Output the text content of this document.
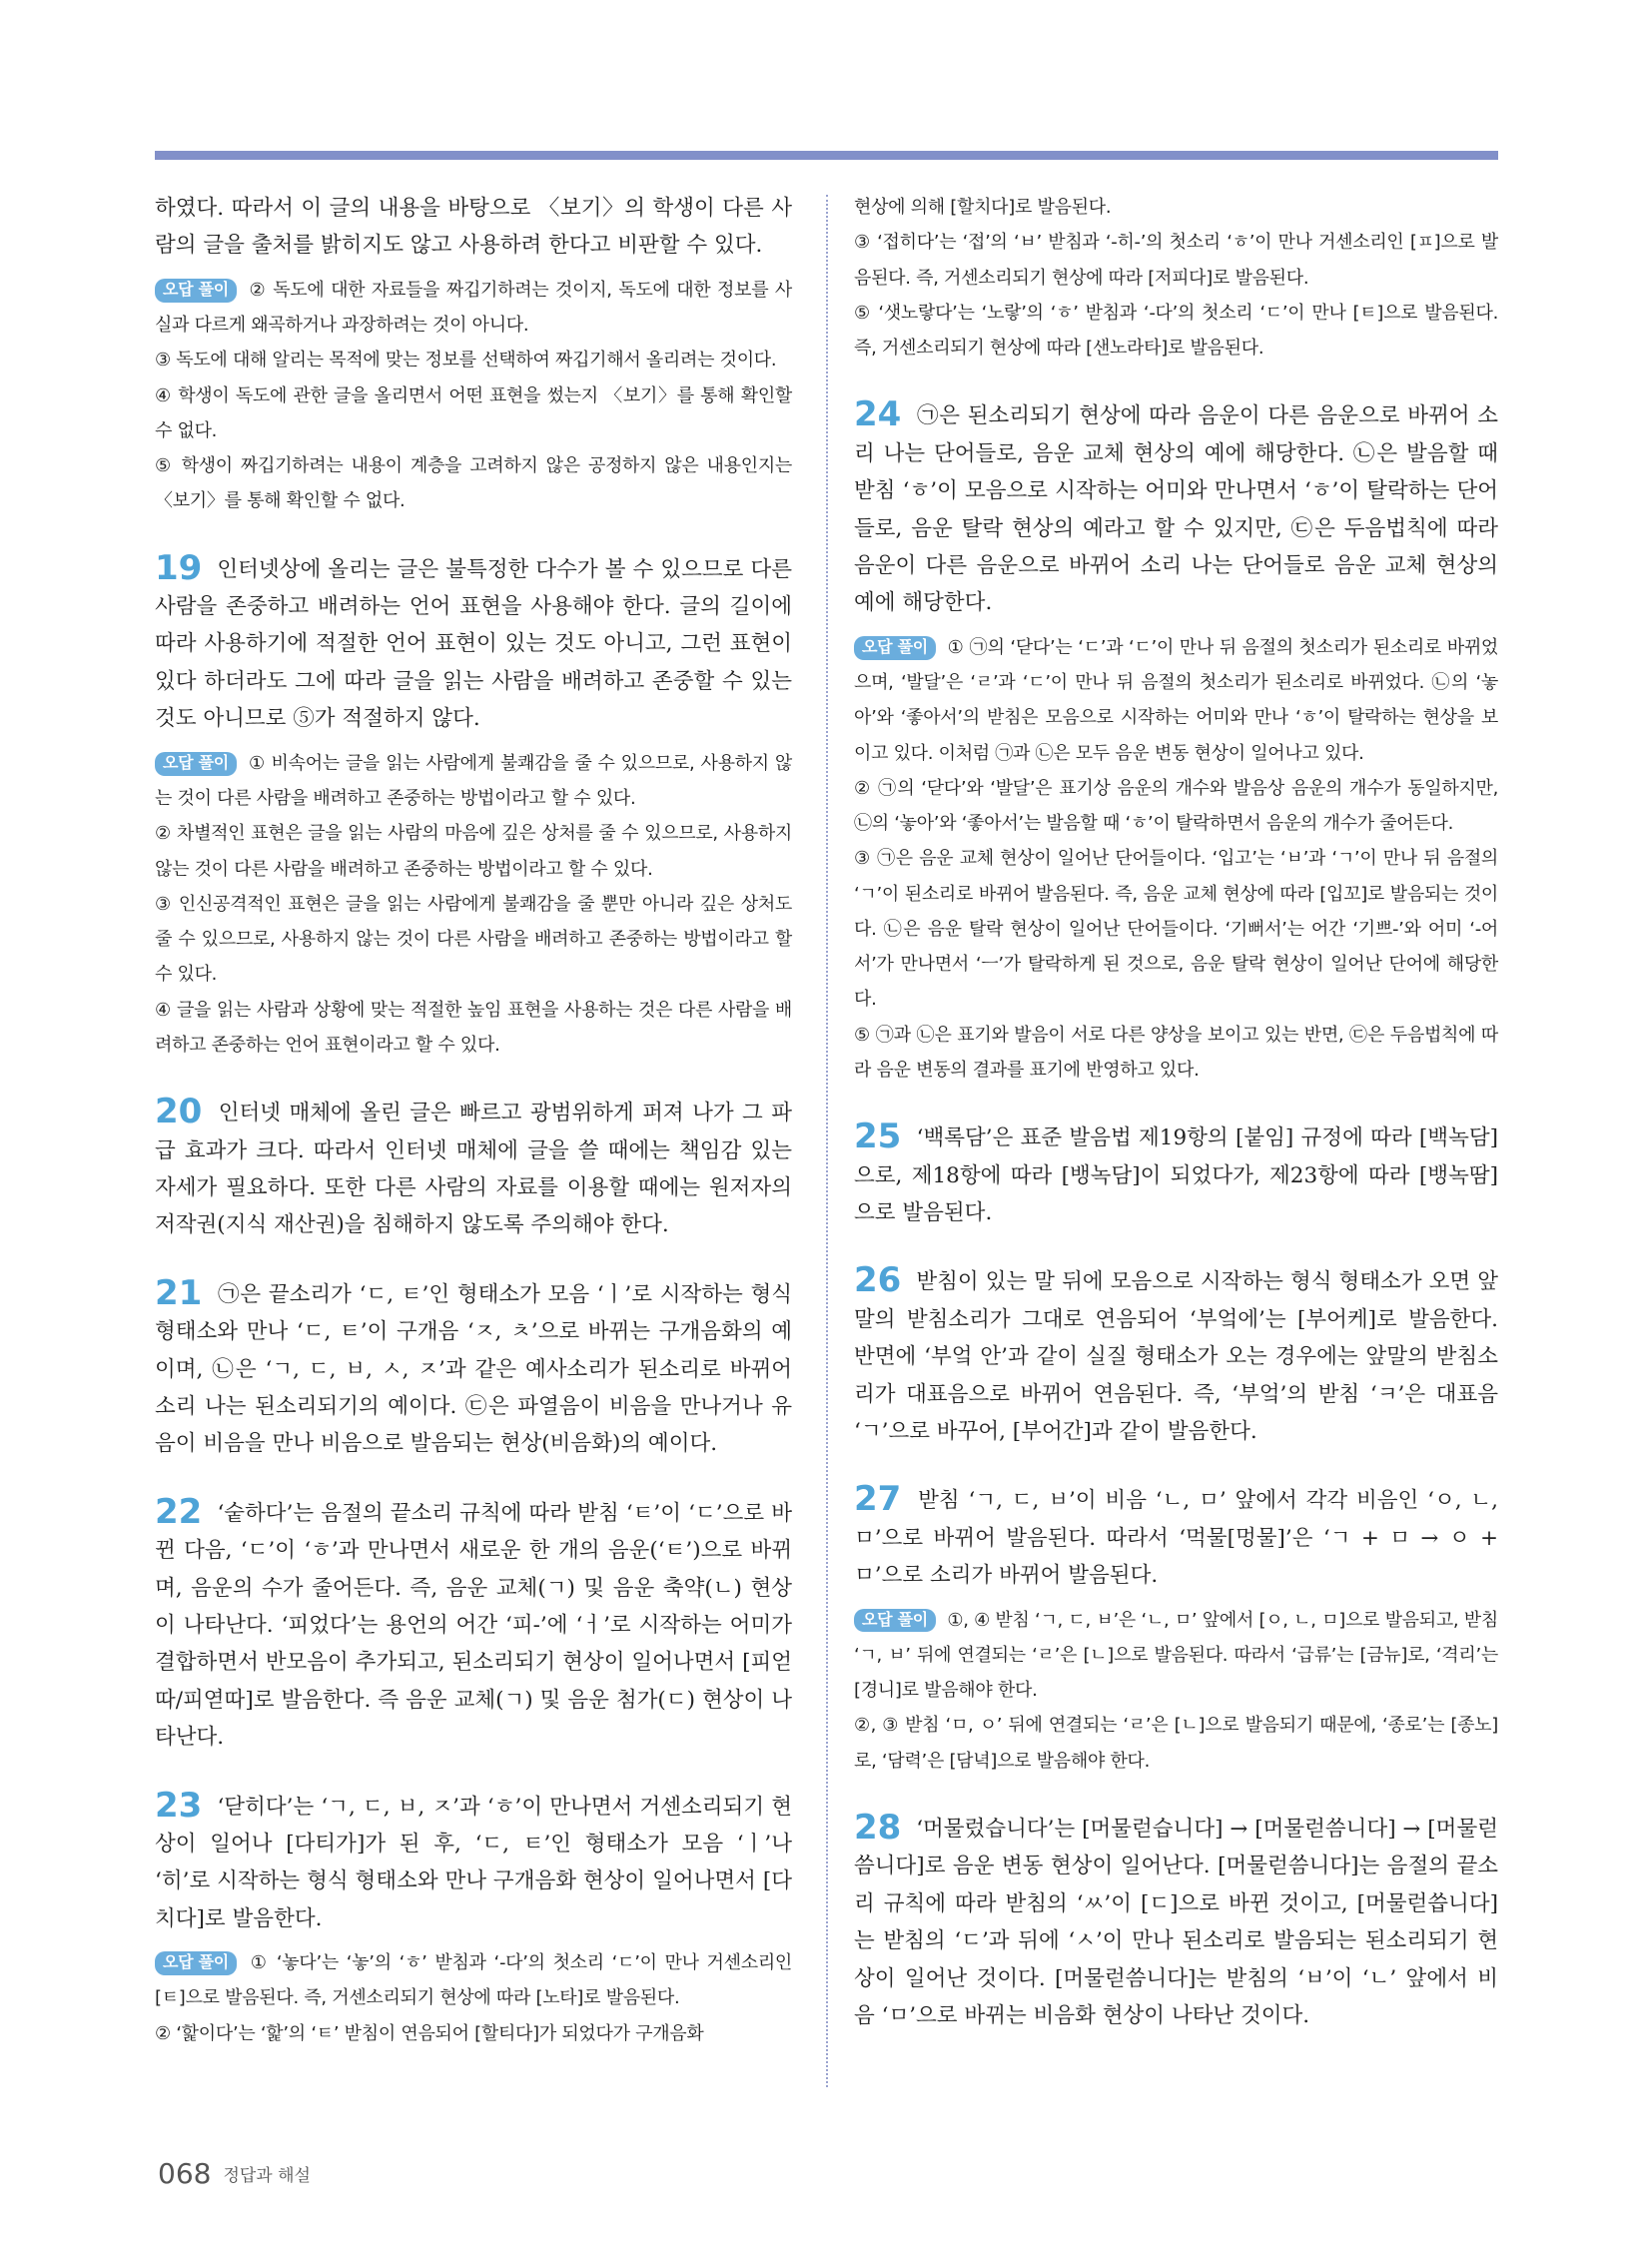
하였다. 따라서 이 글의 내용을 바탕으로 〈보기〉의 학생이 다른 사람의 글을 출처를 밝히지도 않고 사용하려 한다고 비판할 수 있다.

오답 풀이 ② 독도에 대한 자료들을 짜깁기하려는 것이지, 독도에 대한 정보를 사실과 다르게 왜곡하거나 과장하려는 것이 아니다.

③ 독도에 대해 알리는 목적에 맞는 정보를 선택하여 짜깁기해서 올리려는 것이다.

④ 학생이 독도에 관한 글을 올리면서 어떤 표현을 썼는지 〈보기〉를 통해 확인할 수 없다.

⑤ 학생이 짜깁기하려는 내용이 계층을 고려하지 않은 공정하지 않은 내용인지는 〈보기〉를 통해 확인할 수 없다.

19 인터넷상에 올리는 글은 불특정한 다수가 볼 수 있으므로 다른 사람을 존중하고 배려하는 언어 표현을 사용해야 한다. 글의 길이에 따라 사용하기에 적절한 언어 표현이 있는 것도 아니고, 그런 표현이 있다 하더라도 그에 따라 글을 읽는 사람을 배려하고 존중할 수 있는 것도 아니므로 ⑤가 적절하지 않다.

오답 풀이 ① 비속어는 글을 읽는 사람에게 불쾌감을 줄 수 있으므로, 사용하지 않는 것이 다른 사람을 배려하고 존중하는 방법이라고 할 수 있다.

② 차별적인 표현은 글을 읽는 사람의 마음에 깊은 상처를 줄 수 있으므로, 사용하지 않는 것이 다른 사람을 배려하고 존중하는 방법이라고 할 수 있다.

③ 인신공격적인 표현은 글을 읽는 사람에게 불쾌감을 줄 뿐만 아니라 깊은 상처도 줄 수 있으므로, 사용하지 않는 것이 다른 사람을 배려하고 존중하는 방법이라고 할 수 있다.

④ 글을 읽는 사람과 상황에 맞는 적절한 높임 표현을 사용하는 것은 다른 사람을 배려하고 존중하는 언어 표현이라고 할 수 있다.

20 인터넷 매체에 올린 글은 빠르고 광범위하게 퍼져 나가 그 파급 효과가 크다. 따라서 인터넷 매체에 글을 쓸 때에는 책임감 있는 자세가 필요하다. 또한 다른 사람의 자료를 이용할 때에는 원저자의 저작권(지식 재산권)을 침해하지 않도록 주의해야 한다.

21 ㉠은 끝소리가 ‘ㄷ, ㅌ’인 형태소가 모음 ‘ㅣ’로 시작하는 형식 형태소와 만나 ‘ㄷ, ㅌ’이 구개음 ‘ㅈ, ㅊ’으로 바뀌는 구개음화의 예이며, ㉡은 ‘ㄱ, ㄷ, ㅂ, ㅅ, ㅈ’과 같은 예사소리가 된소리로 바뀌어 소리 나는 된소리되기의 예이다. ㉢은 파열음이 비음을 만나거나 유음이 비음을 만나 비음으로 발음되는 현상(비음화)의 예이다.

22 ‘숱하다’는 음절의 끝소리 규칙에 따라 받침 ‘ㅌ’이 ‘ㄷ’으로 바뀐 다음, ‘ㄷ’이 ‘ㅎ’과 만나면서 새로운 한 개의 음운(‘ㅌ’)으로 바뀌며, 음운의 수가 줄어든다. 즉, 음운 교체(ㄱ) 및 음운 축약(ㄴ) 현상이 나타난다. ‘피었다’는 용언의 어간 ‘피-’에 ‘ㅓ’로 시작하는 어미가 결합하면서 반모음이 추가되고, 된소리되기 현상이 일어나면서 [피얻따/피엳따]로 발음한다. 즉 음운 교체(ㄱ) 및 음운 첨가(ㄷ) 현상이 나타난다.

23 ‘닫히다’는 ‘ㄱ, ㄷ, ㅂ, ㅈ’과 ‘ㅎ’이 만나면서 거센소리되기 현상이 일어나 [다티가]가 된 후, ‘ㄷ, ㅌ’인 형태소가 모음 ‘ㅣ’나 ‘히’로 시작하는 형식 형태소와 만나 구개음화 현상이 일어나면서 [다치다]로 발음한다.

오답 풀이 ① ‘놓다’는 ‘놓’의 ‘ㅎ’ 받침과 ‘-다’의 첫소리 ‘ㄷ’이 만나 거센소리인 [ㅌ]으로 발음된다. 즉, 거센소리되기 현상에 따라 [노타]로 발음된다.

② ‘핥이다’는 ‘핥’의 ‘ㅌ’ 받침이 연음되어 [할티다]가 되었다가 구개음화

현상에 의해 [할치다]로 발음된다.

③ ‘접히다’는 ‘접’의 ‘ㅂ’ 받침과 ‘-히-’의 첫소리 ‘ㅎ’이 만나 거센소리인 [ㅍ]으로 발음된다. 즉, 거센소리되기 현상에 따라 [저피다]로 발음된다.

⑤ ‘샛노랗다’는 ‘노랗’의 ‘ㅎ’ 받침과 ‘-다’의 첫소리 ‘ㄷ’이 만나 [ㅌ]으로 발음된다. 즉, 거센소리되기 현상에 따라 [샌노라타]로 발음된다.

24 ㉠은 된소리되기 현상에 따라 음운이 다른 음운으로 바뀌어 소리 나는 단어들로, 음운 교체 현상의 예에 해당한다. ㉡은 발음할 때 받침 ‘ㅎ’이 모음으로 시작하는 어미와 만나면서 ‘ㅎ’이 탈락하는 단어들로, 음운 탈락 현상의 예라고 할 수 있지만, ㉢은 두음법칙에 따라 음운이 다른 음운으로 바뀌어 소리 나는 단어들로 음운 교체 현상의 예에 해당한다.

오답 풀이 ① ㉠의 ‘닫다’는 ‘ㄷ’과 ‘ㄷ’이 만나 뒤 음절의 첫소리가 된소리로 바뀌었으며, ‘발달’은 ‘ㄹ’과 ‘ㄷ’이 만나 뒤 음절의 첫소리가 된소리로 바뀌었다. ㉡의 ‘놓아’와 ‘좋아서’의 받침은 모음으로 시작하는 어미와 만나 ‘ㅎ’이 탈락하는 현상을 보이고 있다. 이처럼 ㉠과 ㉡은 모두 음운 변동 현상이 일어나고 있다.

② ㉠의 ‘닫다’와 ‘발달’은 표기상 음운의 개수와 발음상 음운의 개수가 동일하지만, ㉡의 ‘놓아’와 ‘좋아서’는 발음할 때 ‘ㅎ’이 탈락하면서 음운의 개수가 줄어든다.

③ ㉠은 음운 교체 현상이 일어난 단어들이다. ‘입고’는 ‘ㅂ’과 ‘ㄱ’이 만나 뒤 음절의 ‘ㄱ’이 된소리로 바뀌어 발음된다. 즉, 음운 교체 현상에 따라 [입꼬]로 발음되는 것이다. ㉡은 음운 탈락 현상이 일어난 단어들이다. ‘기뻐서’는 어간 ‘기쁘-’와 어미 ‘-어서’가 만나면서 ‘ㅡ’가 탈락하게 된 것으로, 음운 탈락 현상이 일어난 단어에 해당한다.

⑤ ㉠과 ㉡은 표기와 발음이 서로 다른 양상을 보이고 있는 반면, ㉢은 두음법칙에 따라 음운 변동의 결과를 표기에 반영하고 있다.

25 ‘백록담’은 표준 발음법 제19항의 [붙임] 규정에 따라 [백녹담]으로, 제18항에 따라 [뱅녹담]이 되었다가, 제23항에 따라 [뱅녹땀]으로 발음된다.

26 받침이 있는 말 뒤에 모음으로 시작하는 형식 형태소가 오면 앞말의 받침소리가 그대로 연음되어 ‘부엌에’는 [부어케]로 발음한다. 반면에 ‘부엌 안’과 같이 실질 형태소가 오는 경우에는 앞말의 받침소리가 대표음으로 바뀌어 연음된다. 즉, ‘부엌’의 받침 ‘ㅋ’은 대표음 ‘ㄱ’으로 바꾸어, [부어간]과 같이 발음한다.

27 받침 ‘ㄱ, ㄷ, ㅂ’이 비음 ‘ㄴ, ㅁ’ 앞에서 각각 비음인 ‘ㅇ, ㄴ, ㅁ’으로 바뀌어 발음된다. 따라서 ‘먹물[멍물]’은 ‘ㄱ + ㅁ → ㅇ + ㅁ’으로 소리가 바뀌어 발음된다.

오답 풀이 ①, ④ 받침 ‘ㄱ, ㄷ, ㅂ’은 ‘ㄴ, ㅁ’ 앞에서 [ㅇ, ㄴ, ㅁ]으로 발음되고, 받침 ‘ㄱ, ㅂ’ 뒤에 연결되는 ‘ㄹ’은 [ㄴ]으로 발음된다. 따라서 ‘급류’는 [금뉴]로, ‘격리’는 [경니]로 발음해야 한다.

②, ③ 받침 ‘ㅁ, ㅇ’ 뒤에 연결되는 ‘ㄹ’은 [ㄴ]으로 발음되기 때문에, ‘종로’는 [종노]로, ‘담력’은 [담녁]으로 발음해야 한다.

28 ‘머물렀습니다’는 [머물럳습니다] → [머물럳씀니다] → [머물럳씀니다]로 음운 변동 현상이 일어난다. [머물럳씀니다]는 음절의 끝소리 규칙에 따라 받침의 ‘ㅆ’이 [ㄷ]으로 바뀐 것이고, [머물럳씁니다]는 받침의 ‘ㄷ’과 뒤에 ‘ㅅ’이 만나 된소리로 발음되는 된소리되기 현상이 일어난 것이다. [머물럳씀니다]는 받침의 ‘ㅂ’이 ‘ㄴ’ 앞에서 비음 ‘ㅁ’으로 바뀌는 비음화 현상이 나타난 것이다.

068 정답과 해설
